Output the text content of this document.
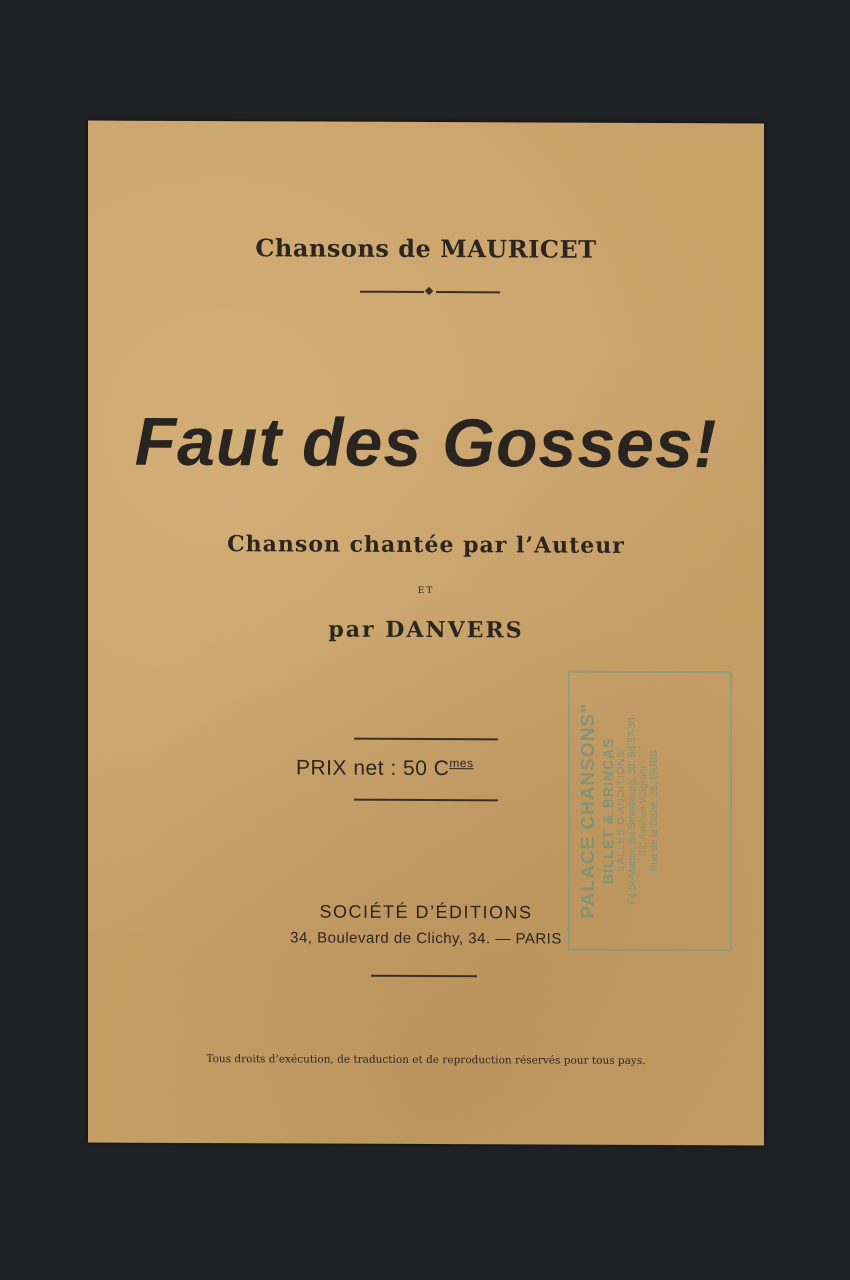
Chansons de MAURICET
Faut des Gosses!
Chanson chantée par l’Auteur
ET
par DANVERS
PRIX net : 50 $C^{mes}$	PALACE CHANSONS" BILLET & BRINCAS SALLES D'AUDITIONS Fg St-Martin, Bd Strasbourg, 30, Bd 57-30 32, Avenue Wagram Rue de la Gaîté, 25, PARIS
SOCIÉTÉ D’ÉDITIONS
34, Boulevard de Clichy, 34. — PARIS
Tous droits d’exécution, de traduction et de reproduction réservés pour tous pays.
